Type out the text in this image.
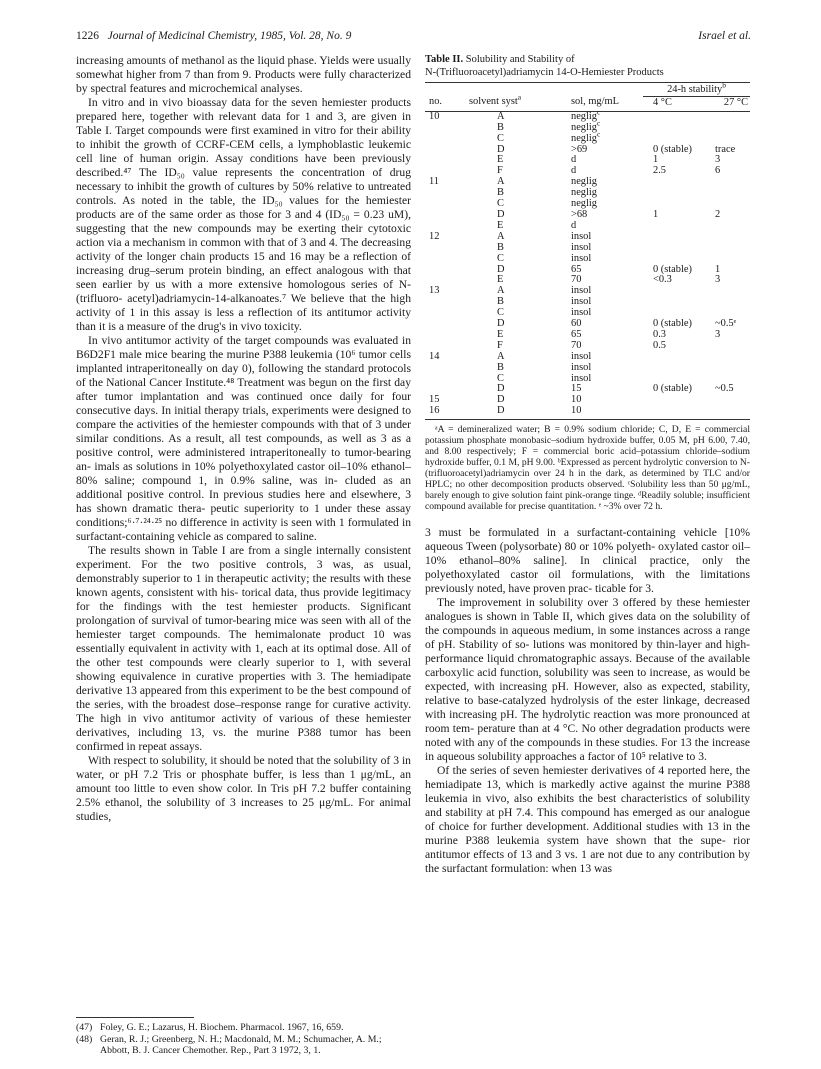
1226 Journal of Medicinal Chemistry, 1985, Vol. 28, No. 9	Israel et al.

increasing amounts of methanol as the liquid phase. Yields were usually somewhat higher from 7 than from 9. Products were fully characterized by spectral features and microchemical analyses.

In vitro and in vivo bioassay data for the seven hemiester products prepared here, together with relevant data for 1 and 3, are given in Table I. Target compounds were first examined in vitro for their ability to inhibit the growth of CCRF-CEM cells, a lymphoblastic leukemic cell line of human origin. Assay conditions have been previously described.⁴⁷ The ID₅₀ value represents the concentration of drug necessary to inhibit the growth of cultures by 50% relative to untreated controls. As noted in the table, the ID₅₀ values for the hemiester products are of the same order as those for 3 and 4 (ID₅₀ = 0.23 uM), suggesting that the new compounds may be exerting their cytotoxic action via a mechanism in common with that of 3 and 4. The decreasing activity of the longer chain products 15 and 16 may be a reflection of increasing drug–serum protein binding, an effect analogous with that seen earlier by us with a more extensive homologous series of N-(trifluoro- acetyl)adriamycin-14-alkanoates.⁷ We believe that the high activity of 1 in this assay is less a reflection of its antitumor activity than it is a measure of the drug's in vivo toxicity.

In vivo antitumor activity of the target compounds was evaluated in B6D2F1 male mice bearing the murine P388 leukemia (10⁶ tumor cells implanted intraperitoneally on day 0), following the standard protocols of the National Cancer Institute.⁴⁸ Treatment was begun on the first day after tumor implantation and was continued once daily for four consecutive days. In initial therapy trials, experiments were designed to compare the activities of the hemiester compounds with that of 3 under similar conditions. As a result, all test compounds, as well as 3 as a positive control, were administered intraperitoneally to tumor-bearing an- imals as solutions in 10% polyethoxylated castor oil–10% ethanol–80% saline; compound 1, in 0.9% saline, was in- cluded as an additional positive control. In previous studies here and elsewhere, 3 has shown dramatic thera- peutic superiority to 1 under these assay conditions;⁶·⁷·²⁴·²⁵ no difference in activity is seen with 1 formulated in surfactant-containing vehicle as compared to saline.

The results shown in Table I are from a single internally consistent experiment. For the two positive controls, 3 was, as usual, demonstrably superior to 1 in therapeutic activity; the results with these known agents, consistent with his- torical data, thus provide legitimacy for the findings with the test hemiester products. Significant prolongation of survival of tumor-bearing mice was seen with all of the hemiester target compounds. The hemimalonate product 10 was essentially equivalent in activity with 1, each at its optimal dose. All of the other test compounds were clearly superior to 1, with several showing equivalence in curative properties with 3. The hemiadipate derivative 13 appeared from this experiment to be the best compound of the series, with the broadest dose–response range for curative activity. The high in vivo antitumor activity of various of these hemiester derivatives, including 13, vs. the murine P388 tumor has been confirmed in repeat assays.

With respect to solubility, it should be noted that the solubility of 3 in water, or pH 7.2 Tris or phosphate buffer, is less than 1 μg/mL, an amount too little to even show color. In Tris pH 7.2 buffer containing 2.5% ethanol, the solubility of 3 increases to 25 μg/mL. For animal studies,

(47) Foley, G. E.; Lazarus, H. Biochem. Pharmacol. 1967, 16, 659.
(48) Geran, R. J.; Greenberg, N. H.; Macdonald, M. M.; Schumacher, A. M.; Abbott, B. J. Cancer Chemother. Rep., Part 3 1972, 3, 1.
Table II. Solubility and Stability of
N-(Trifluoroacetyl)adriamycin 14-O-Hemiester Products
			24-h stability$^b$
no.	solvent syst$^a$	sol, mg/mL	4 °C	27 °C
10	A	neglig$^c$		
	B	neglig$^c$		
	C	neglig$^c$		
	D	>69	0 (stable)	trace
	E	d	1	3
	F	d	2.5	6
11	A	neglig		
	B	neglig		
	C	neglig		
	D	>68	1	2
	E	d		
12	A	insol		
	B	insol		
	C	insol		
	D	65	0 (stable)	1
	E	70	<0.3	3
13	A	insol		
	B	insol		
	C	insol		
	D	60	0 (stable)	~0.5ᵉ
	E	65	0.3	3
	F	70	0.5	
14	A	insol		
	B	insol		
	C	insol		
	D	15	0 (stable)	~0.5
15	D	10		
16	D	10		

ᵃA = demineralized water; B = 0.9% sodium chloride; C, D, E = commercial potassium phosphate monobasic–sodium hydroxide buffer, 0.05 M, pH 6.00, 7.40, and 8.00 respectively; F = commercial boric acid–potassium chloride–sodium hydroxide buffer, 0.1 M, pH 9.00. ᵇExpressed as percent hydrolytic conversion to N-(trifluoroacetyl)adriamycin over 24 h in the dark, as determined by TLC and/or HPLC; no other decomposition products observed. ᶜSolubility less than 50 μg/mL, barely enough to give solution faint pink-orange tinge. ᵈReadily soluble; insufficient compound available for precise quantitation. ᵉ ~3% over 72 h.

3 must be formulated in a surfactant-containing vehicle [10% aqueous Tween (polysorbate) 80 or 10% polyeth- oxylated castor oil–10% ethanol–80% saline]. In clinical practice, only the polyethoxylated castor oil formulations, with the limitations previously noted, have proven prac- ticable for 3.

The improvement in solubility over 3 offered by these hemiester analogues is shown in Table II, which gives data on the solubility of the compounds in aqueous medium, in some instances across a range of pH. Stability of so- lutions was monitored by thin-layer and high-performance liquid chromatographic assays. Because of the available carboxylic acid function, solubility was seen to increase, as would be expected, with increasing pH. However, also as expected, stability, relative to base-catalyzed hydrolysis of the ester linkage, decreased with increasing pH. The hydrolytic reaction was more pronounced at room tem- perature than at 4 °C. No other degradation products were noted with any of the compounds in these studies. For 13 the increase in aqueous solubility approaches a factor of 10⁵ relative to 3.

Of the series of seven hemiester derivatives of 4 reported here, the hemiadipate 13, which is markedly active against the murine P388 leukemia in vivo, also exhibits the best characteristics of solubility and stability at pH 7.4. This compound has emerged as our analogue of choice for further development. Additional studies with 13 in the murine P388 leukemia system have shown that the supe- rior antitumor effects of 13 and 3 vs. 1 are not due to any contribution by the surfactant formulation: when 13 was
